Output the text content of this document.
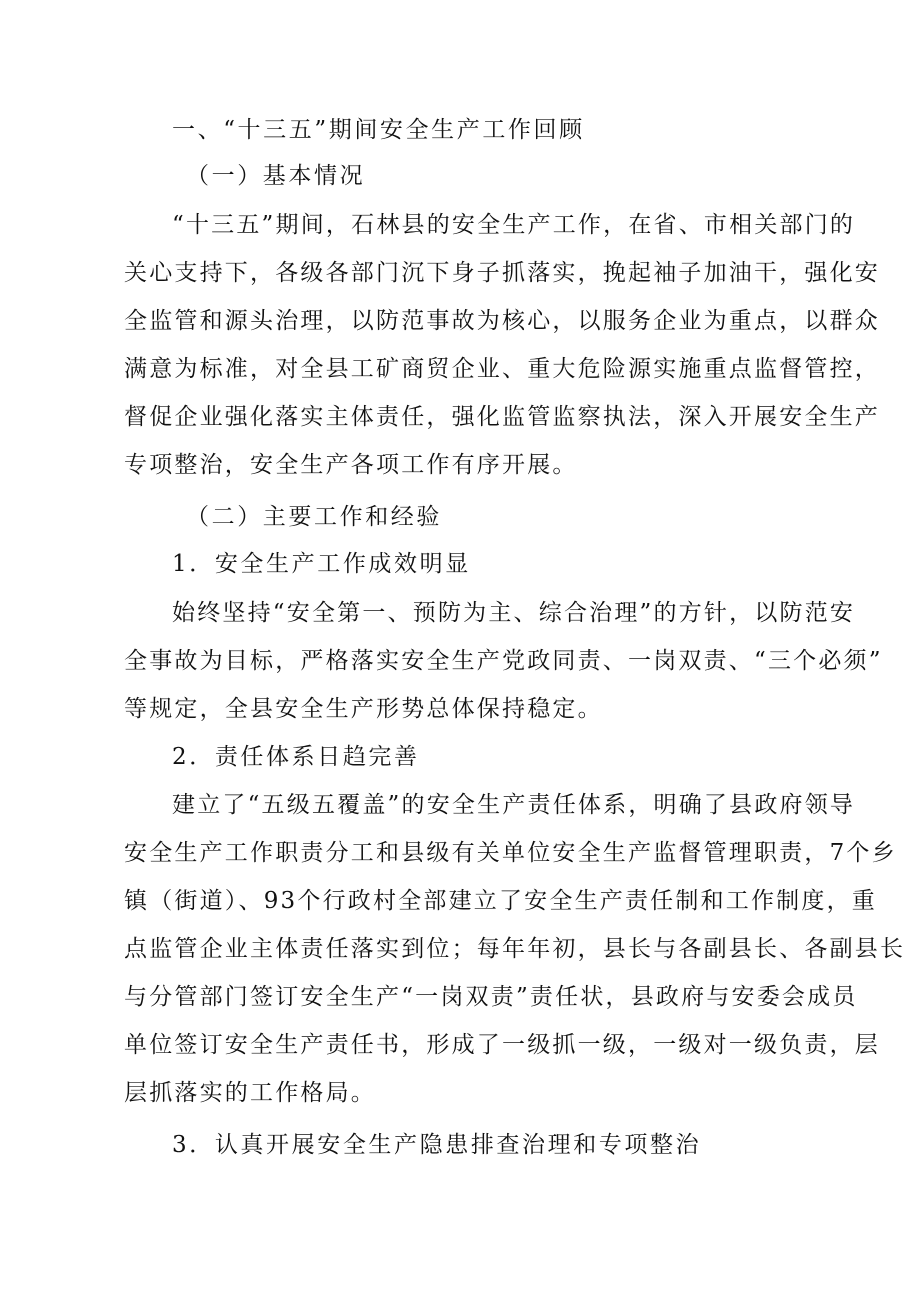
一、“十三五”期间安全生产工作回顾
（一）基本情况
“十三五”期间，石林县的安全生产工作，在省、市相关部门的
关心支持下，各级各部门沉下身子抓落实，挽起袖子加油干，强化安
全监管和源头治理，以防范事故为核心，以服务企业为重点，以群众
满意为标准，对全县工矿商贸企业、重大危险源实施重点监督管控，
督促企业强化落实主体责任，强化监管监察执法，深入开展安全生产
专项整治，安全生产各项工作有序开展。
（二）主要工作和经验
1．安全生产工作成效明显
始终坚持“安全第一、预防为主、综合治理”的方针，以防范安
全事故为目标，严格落实安全生产党政同责、一岗双责、“三个必须”
等规定，全县安全生产形势总体保持稳定。
2．责任体系日趋完善
建立了“五级五覆盖”的安全生产责任体系，明确了县政府领导
安全生产工作职责分工和县级有关单位安全生产监督管理职责，7个乡
镇（街道）、93个行政村全部建立了安全生产责任制和工作制度，重
点监管企业主体责任落实到位；每年年初，县长与各副县长、各副县长
与分管部门签订安全生产“一岗双责”责任状，县政府与安委会成员
单位签订安全生产责任书，形成了一级抓一级，一级对一级负责，层
层抓落实的工作格局。
3．认真开展安全生产隐患排查治理和专项整治
